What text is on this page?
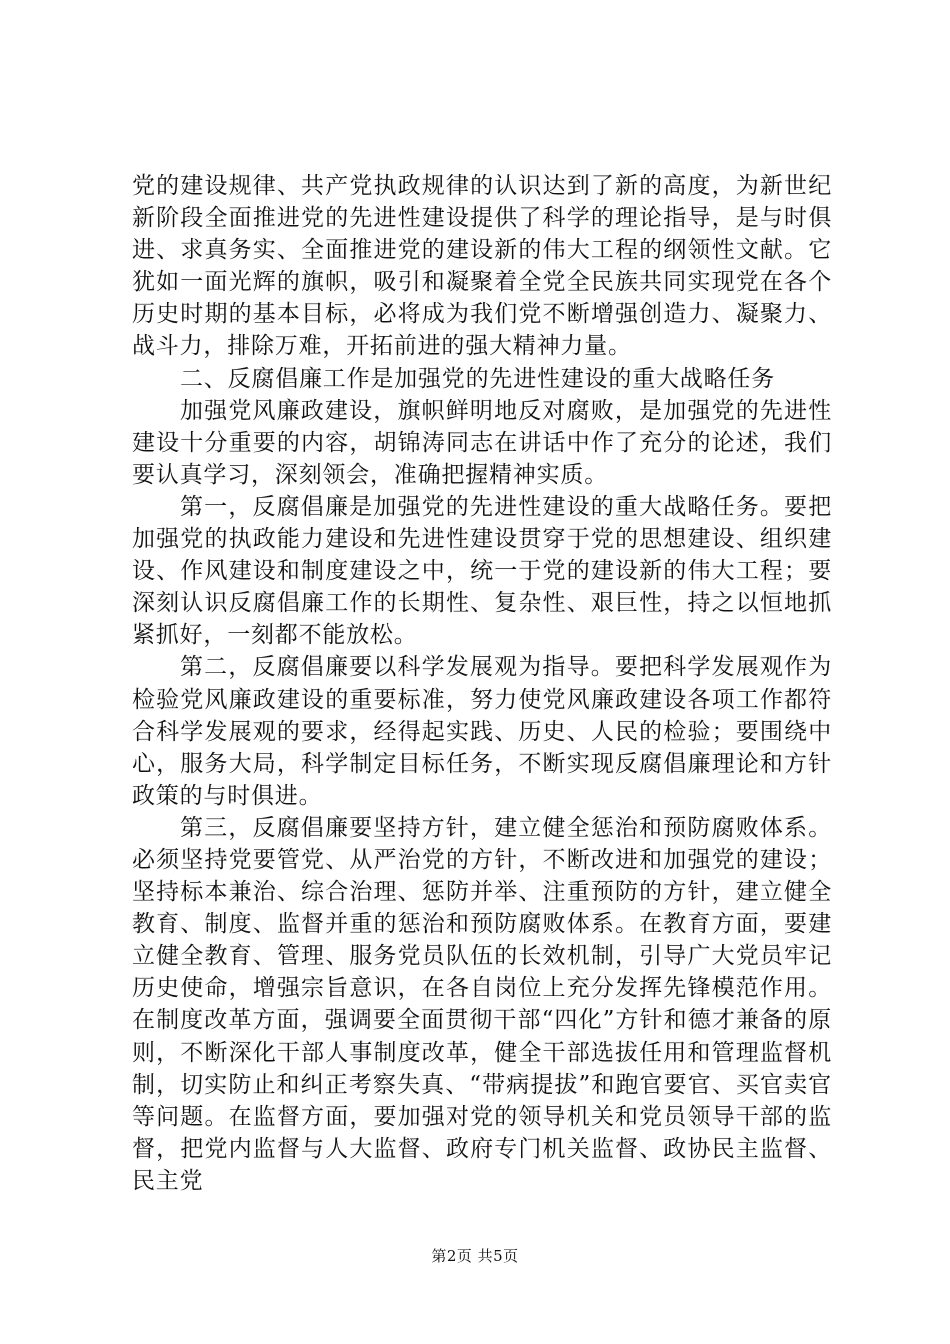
党的建设规律、共产党执政规律的认识达到了新的高度，为新世纪新阶段全面推进党的先进性建设提供了科学的理论指导，是与时俱进、求真务实、全面推进党的建设新的伟大工程的纲领性文献。它犹如一面光辉的旗帜，吸引和凝聚着全党全民族共同实现党在各个历史时期的基本目标，必将成为我们党不断增强创造力、凝聚力、战斗力，排除万难，开拓前进的强大精神力量。

二、反腐倡廉工作是加强党的先进性建设的重大战略任务

加强党风廉政建设，旗帜鲜明地反对腐败，是加强党的先进性建设十分重要的内容，胡锦涛同志在讲话中作了充分的论述，我们要认真学习，深刻领会，准确把握精神实质。

第一，反腐倡廉是加强党的先进性建设的重大战略任务。要把加强党的执政能力建设和先进性建设贯穿于党的思想建设、组织建设、作风建设和制度建设之中，统一于党的建设新的伟大工程；要深刻认识反腐倡廉工作的长期性、复杂性、艰巨性，持之以恒地抓紧抓好，一刻都不能放松。

第二，反腐倡廉要以科学发展观为指导。要把科学发展观作为检验党风廉政建设的重要标准，努力使党风廉政建设各项工作都符合科学发展观的要求，经得起实践、历史、人民的检验；要围绕中心，服务大局，科学制定目标任务，不断实现反腐倡廉理论和方针政策的与时俱进。

第三，反腐倡廉要坚持方针，建立健全惩治和预防腐败体系。必须坚持党要管党、从严治党的方针，不断改进和加强党的建设；坚持标本兼治、综合治理、惩防并举、注重预防的方针，建立健全教育、制度、监督并重的惩治和预防腐败体系。在教育方面，要建立健全教育、管理、服务党员队伍的长效机制，引导广大党员牢记历史使命，增强宗旨意识，在各自岗位上充分发挥先锋模范作用。在制度改革方面，强调要全面贯彻干部“四化”方针和德才兼备的原则，不断深化干部人事制度改革，健全干部选拔任用和管理监督机制，切实防止和纠正考察失真、“带病提拔”和跑官要官、买官卖官等问题。在监督方面，要加强对党的领导机关和党员领导干部的监督，把党内监督与人大监督、政府专门机关监督、政协民主监督、民主党

第2页 共5页
